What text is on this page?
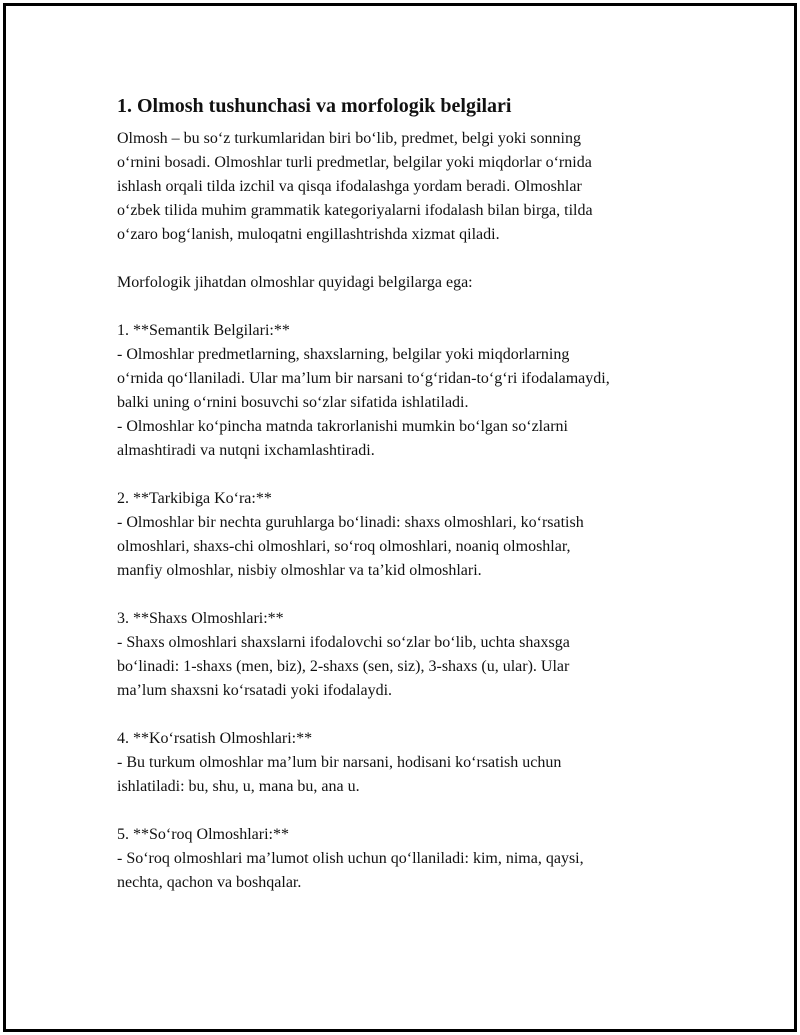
1. Olmosh tushunchasi va morfologik belgilari

Olmosh – bu so‘z turkumlaridan biri bo‘lib, predmet, belgi yoki sonning
o‘rnini bosadi. Olmoshlar turli predmetlar, belgilar yoki miqdorlar o‘rnida
ishlash orqali tilda izchil va qisqa ifodalashga yordam beradi. Olmoshlar
o‘zbek tilida muhim grammatik kategoriyalarni ifodalash bilan birga, tilda
o‘zaro bog‘lanish, muloqatni engillashtrishda xizmat qiladi.

Morfologik jihatdan olmoshlar quyidagi belgilarga ega:

1. **Semantik Belgilari:**
- Olmoshlar predmetlarning, shaxslarning, belgilar yoki miqdorlarning
o‘rnida qo‘llaniladi. Ular ma’lum bir narsani to‘g‘ridan-to‘g‘ri ifodalamaydi,
balki uning o‘rnini bosuvchi so‘zlar sifatida ishlatiladi.
- Olmoshlar ko‘pincha matnda takrorlanishi mumkin bo‘lgan so‘zlarni
almashtiradi va nutqni ixchamlashtiradi.
2. **Tarkibiga Ko‘ra:**
- Olmoshlar bir nechta guruhlarga bo‘linadi: shaxs olmoshlari, ko‘rsatish
olmoshlari, shaxs-chi olmoshlari, so‘roq olmoshlari, noaniq olmoshlar,
manfiy olmoshlar, nisbiy olmoshlar va ta’kid olmoshlari.
3. **Shaxs Olmoshlari:**
- Shaxs olmoshlari shaxslarni ifodalovchi so‘zlar bo‘lib, uchta shaxsga
bo‘linadi: 1-shaxs (men, biz), 2-shaxs (sen, siz), 3-shaxs (u, ular). Ular
ma’lum shaxsni ko‘rsatadi yoki ifodalaydi.
4. **Ko‘rsatish Olmoshlari:**
- Bu turkum olmoshlar ma’lum bir narsani, hodisani ko‘rsatish uchun
ishlatiladi: bu, shu, u, mana bu, ana u.
5. **So‘roq Olmoshlari:**
- So‘roq olmoshlari ma’lumot olish uchun qo‘llaniladi: kim, nima, qaysi,
nechta, qachon va boshqalar.
